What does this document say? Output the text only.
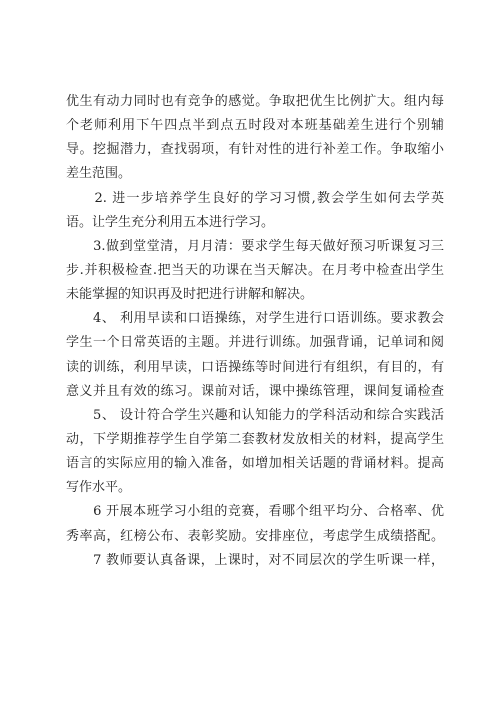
优生有动力同时也有竞争的感觉。争取把优生比例扩大。组内每
个老师利用下午四点半到点五时段对本班基础差生进行个别辅
导。挖掘潜力，查找弱项，有针对性的进行补差工作。争取缩小
差生范围。
　　2. 进一步培养学生良好的学习习惯,教会学生如何去学英
语。让学生充分利用五本进行学习。
　　3.做到堂堂清，月月清：要求学生每天做好预习听课复习三
步.并积极检查.把当天的功课在当天解决。在月考中检查出学生
未能掌握的知识再及时把进行讲解和解决。
　　4、 利用早读和口语操练，对学生进行口语训练。要求教会
学生一个日常英语的主题。并进行训练。加强背诵，记单词和阅
读的训练，利用早读，口语操练等时间进行有组织，有目的，有
意义并且有效的练习。课前对话，课中操练管理，课间复诵检查
　　5、 设计符合学生兴趣和认知能力的学科活动和综合实践活
动，下学期推荐学生自学第二套教材发放相关的材料，提高学生
语言的实际应用的输入准备，如增加相关话题的背诵材料。提高
写作水平。
　　6 开展本班学习小组的竞赛，看哪个组平均分、合格率、优
秀率高，红榜公布、表彰奖励。安排座位，考虑学生成绩搭配。
　　7 教师要认真备课，上课时，对不同层次的学生听课一样，
